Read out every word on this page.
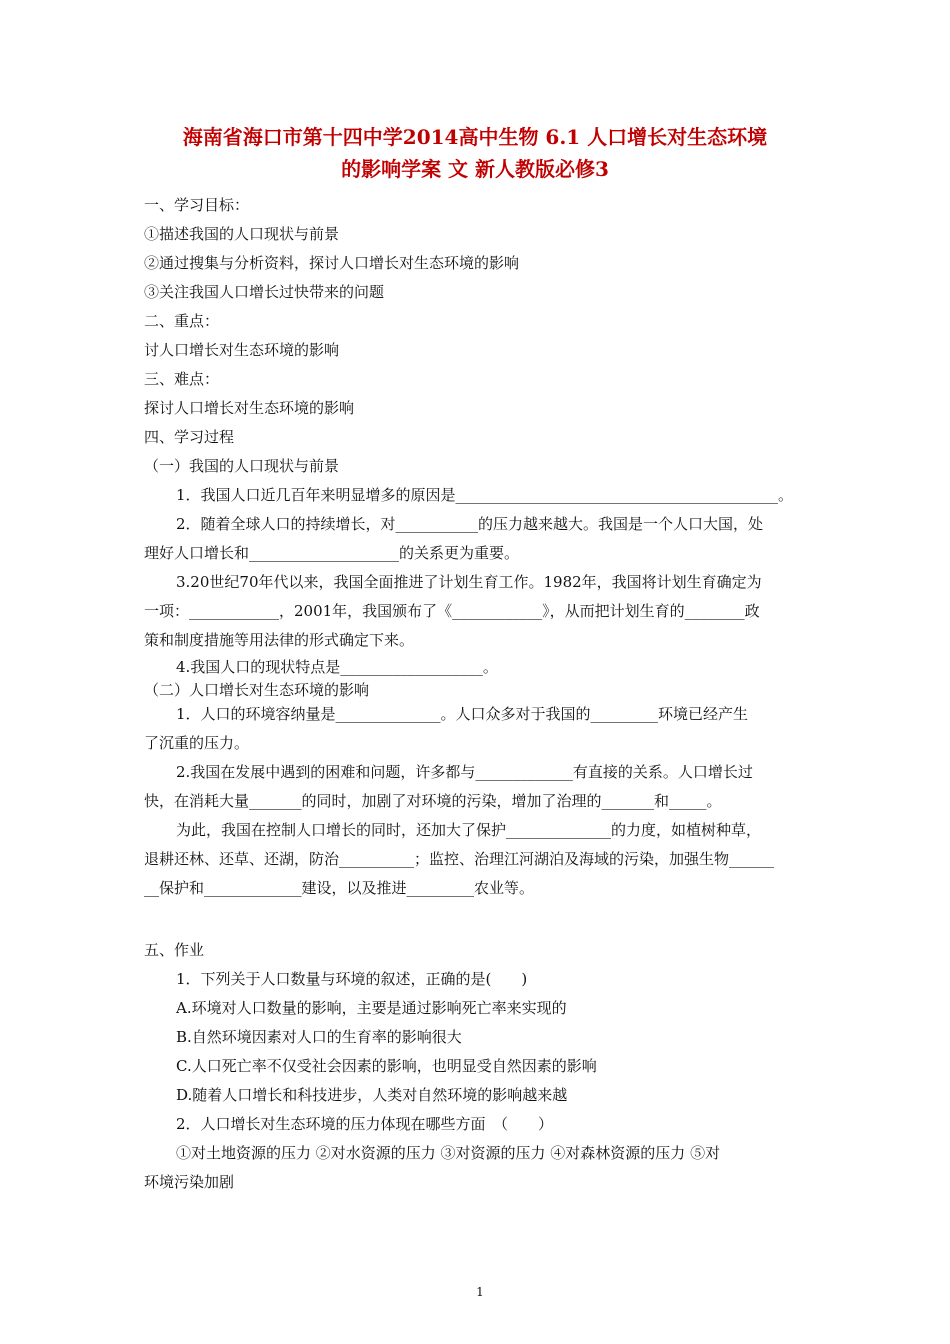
海南省海口市第十四中学2014高中生物 6.1 人口增长对生态环境
的影响学案 文 新人教版必修3
一、学习目标：
①描述我国的人口现状与前景
②通过搜集与分析资料，探讨人口增长对生态环境的影响
③关注我国人口增长过快带来的问题
二、重点：
讨人口增长对生态环境的影响
三、难点：
探讨人口增长对生态环境的影响
四、学习过程
（一）我国的人口现状与前景
1．我国人口近几百年来明显增多的原因是___________________________________________。
2．随着全球人口的持续增长，对___________的压力越来越大。我国是一个人口大国，处
理好人口增长和____________________的关系更为重要。
3.20世纪70年代以来，我国全面推进了计划生育工作。1982年，我国将计划生育确定为
一项：____________，2001年，我国颁布了《____________》，从而把计划生育的________政
策和制度措施等用法律的形式确定下来。
4.我国人口的现状特点是___________________。
（二）人口增长对生态环境的影响
1．人口的环境容纳量是______________。人口众多对于我国的_________环境已经产生
了沉重的压力。
2.我国在发展中遇到的困难和问题，许多都与_____________有直接的关系。人口增长过
快，在消耗大量_______的同时，加剧了对环境的污染，增加了治理的_______和_____。
为此，我国在控制人口增长的同时，还加大了保护______________的力度，如植树种草，
退耕还林、还草、还湖，防治__________；监控、治理江河湖泊及海域的污染，加强生物______
__保护和_____________建设，以及推进_________农业等。
五、作业
1．下列关于人口数量与环境的叙述，正确的是(　　)
A.环境对人口数量的影响，主要是通过影响死亡率来实现的
B.自然环境因素对人口的生育率的影响很大
C.人口死亡率不仅受社会因素的影响，也明显受自然因素的影响
D.随着人口增长和科技进步，人类对自然环境的影响越来越
2．人口增长对生态环境的压力体现在哪些方面　（　　）
①对土地资源的压力 ②对水资源的压力 ③对资源的压力 ④对森林资源的压力 ⑤对
环境污染加剧
1
